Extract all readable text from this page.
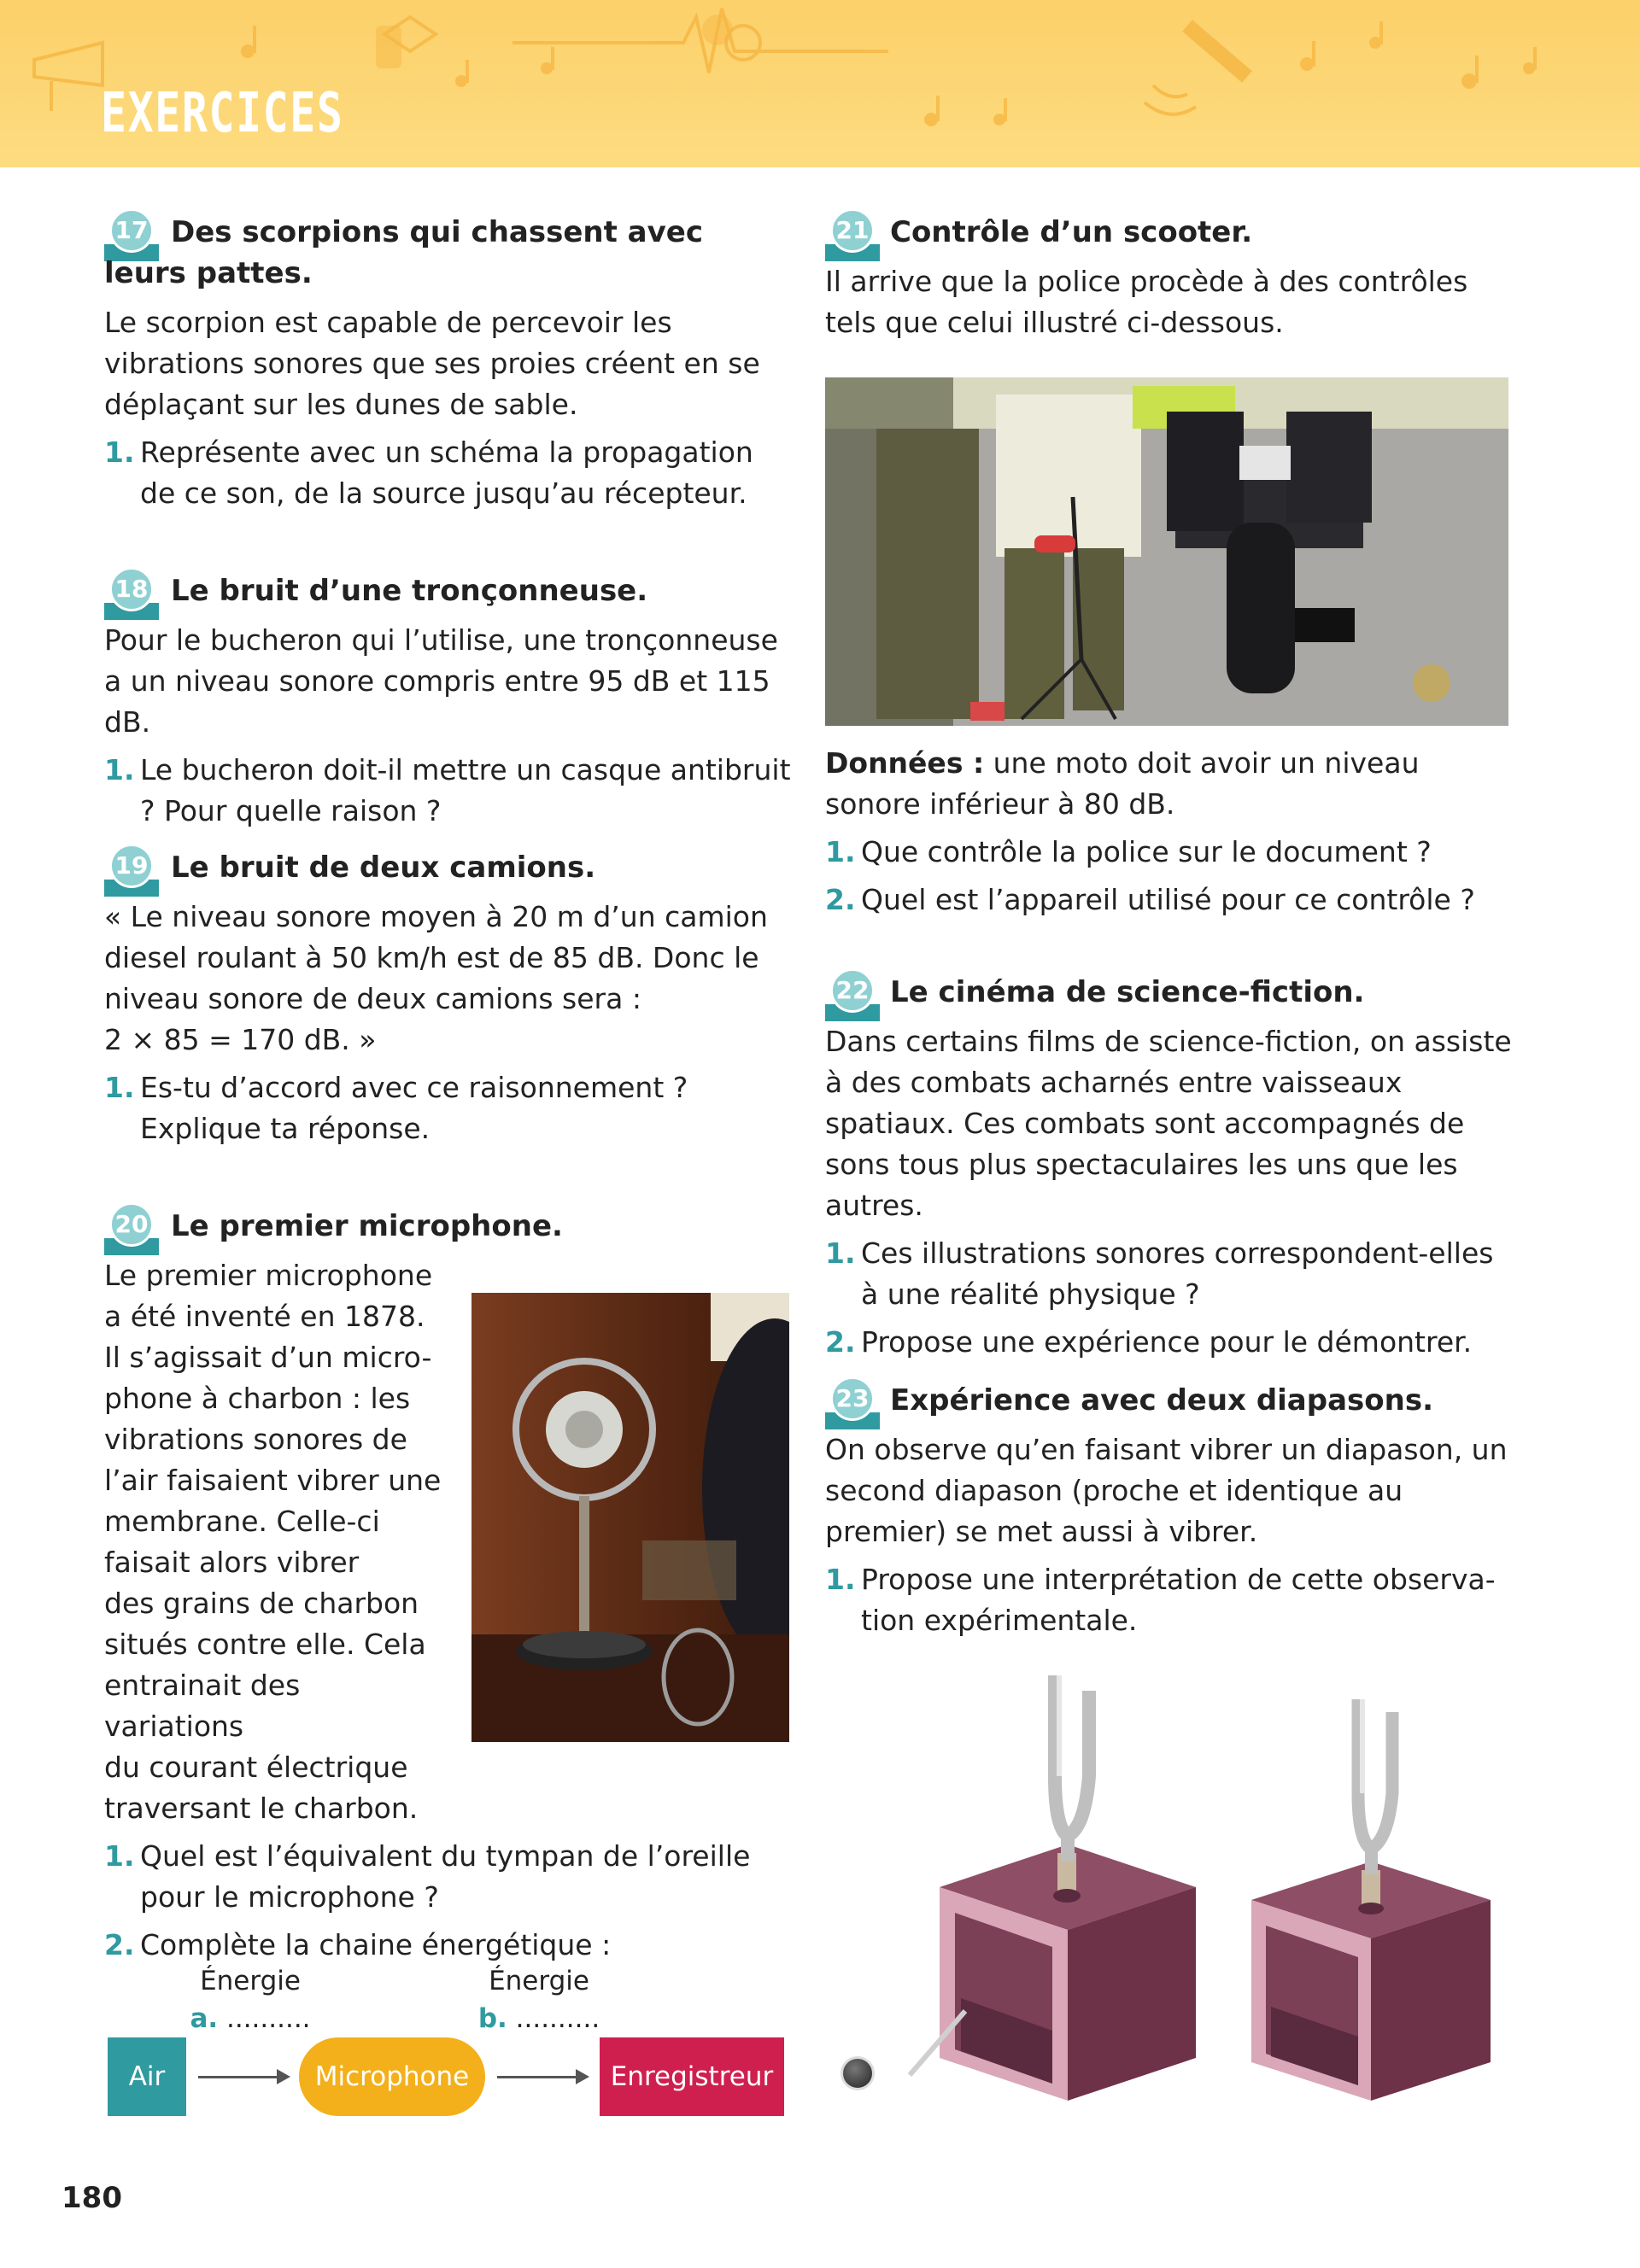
EXERCICES
17 Des scorpions qui chassent avec
leurs pattes.

Le scorpion est capable de percevoir les vibrations sonores que ses proies créent en se déplaçant sur les dunes de sable.

1. Représente avec un schéma la propagation de ce son, de la source jusqu’au récepteur.
18 Le bruit d’une tronçonneuse.

Pour le bucheron qui l’utilise, une tronçonneuse a un niveau sonore compris entre 95 dB et 115 dB.

1. Le bucheron doit-il mettre un casque antibruit ? Pour quelle raison ?
19 Le bruit de deux camions.

« Le niveau sonore moyen à 20 m d’un camion diesel roulant à 50 km/h est de 85 dB. Donc le niveau sonore de deux camions sera :

2 × 85 = 170 dB. »

1. Es-tu d’accord avec ce raisonnement ? Explique ta réponse.
20 Le premier microphone.

Le premier microphone

a été inventé en 1878.

Il s’agissait d’un micro-

phone à charbon : les

vibrations sonores de

l’air faisaient vibrer une

membrane. Celle-ci

faisait alors vibrer

des grains de charbon

situés contre elle. Cela

entrainait des variations

du courant électrique

traversant le charbon.

1. Quel est l’équivalent du tympan de l’oreille pour le microphone ?
2. Complète la chaine énergétique :
Énergie
a. ..........
Énergie
b. ..........
Air	Microphone	Enregistreur
21 Contrôle d’un scooter.

Il arrive que la police procède à des contrôles tels que celui illustré ci-dessous.

Données : une moto doit avoir un niveau sonore inférieur à 80 dB.

1. Que contrôle la police sur le document ?
2. Quel est l’appareil utilisé pour ce contrôle ?
22 Le cinéma de science-fiction.

Dans certains films de science-fiction, on assiste à des combats acharnés entre vaisseaux spatiaux. Ces combats sont accompagnés de sons tous plus spectaculaires les uns que les autres.

1. Ces illustrations sonores correspondent-elles à une réalité physique ?
2. Propose une expérience pour le démontrer.
23 Expérience avec deux diapasons.

On observe qu’en faisant vibrer un diapason, un second diapason (proche et identique au premier) se met aussi à vibrer.

1. Propose une interprétation de cette observa-tion expérimentale.
180
